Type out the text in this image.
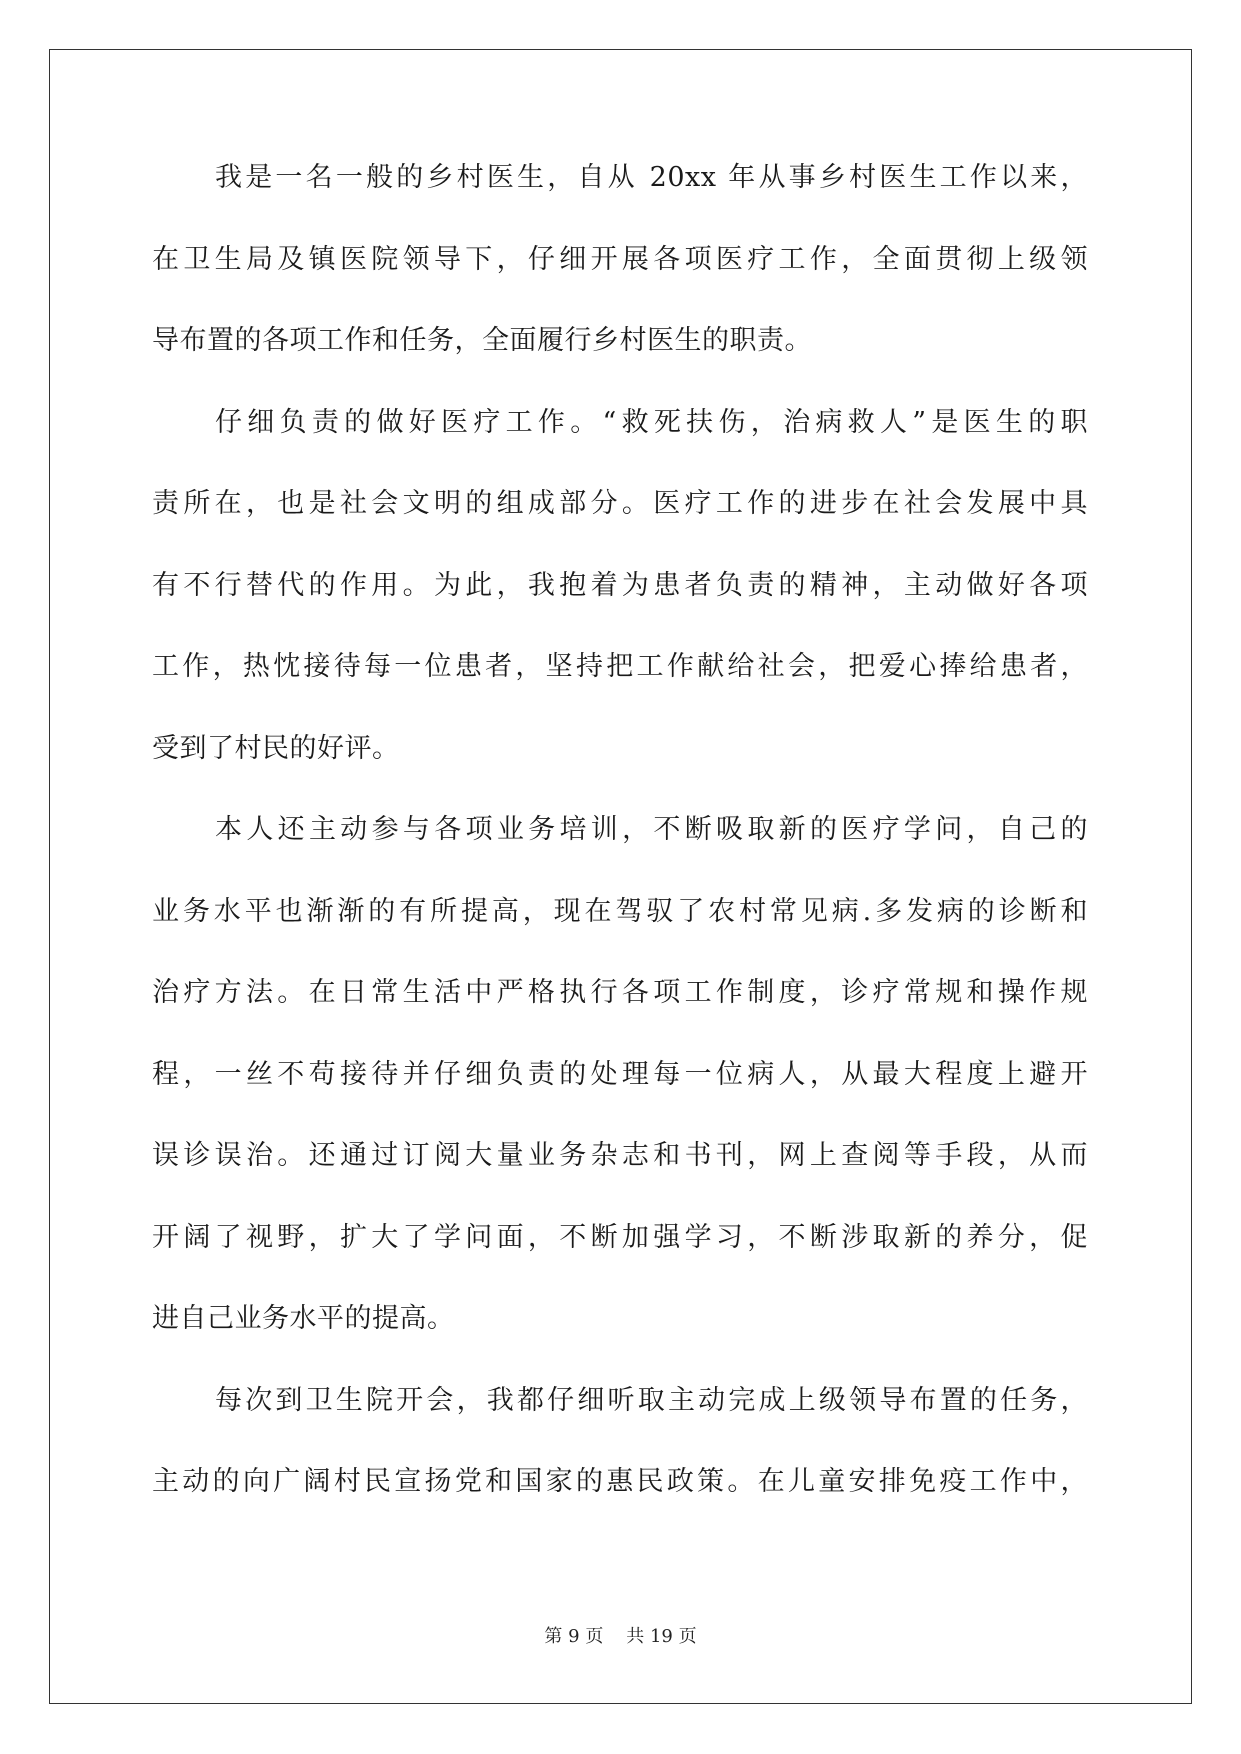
我是一名一般的乡村医生，自从 20xx 年从事乡村医生工作以来，
在卫生局及镇医院领导下，仔细开展各项医疗工作，全面贯彻上级领
导布置的各项工作和任务，全面履行乡村医生的职责。
仔细负责的做好医疗工作。“救死扶伤，治病救人”是医生的职
责所在，也是社会文明的组成部分。医疗工作的进步在社会发展中具
有不行替代的作用。为此，我抱着为患者负责的精神，主动做好各项
工作，热忱接待每一位患者，坚持把工作献给社会，把爱心捧给患者，
受到了村民的好评。
本人还主动参与各项业务培训，不断吸取新的医疗学问，自己的
业务水平也渐渐的有所提高，现在驾驭了农村常见病.多发病的诊断和
治疗方法。在日常生活中严格执行各项工作制度，诊疗常规和操作规
程，一丝不苟接待并仔细负责的处理每一位病人，从最大程度上避开
误诊误治。还通过订阅大量业务杂志和书刊，网上查阅等手段，从而
开阔了视野，扩大了学问面，不断加强学习，不断涉取新的养分，促
进自己业务水平的提高。
每次到卫生院开会，我都仔细听取主动完成上级领导布置的任务，
主动的向广阔村民宣扬党和国家的惠民政策。在儿童安排免疫工作中，
第 9 页 共 19 页
